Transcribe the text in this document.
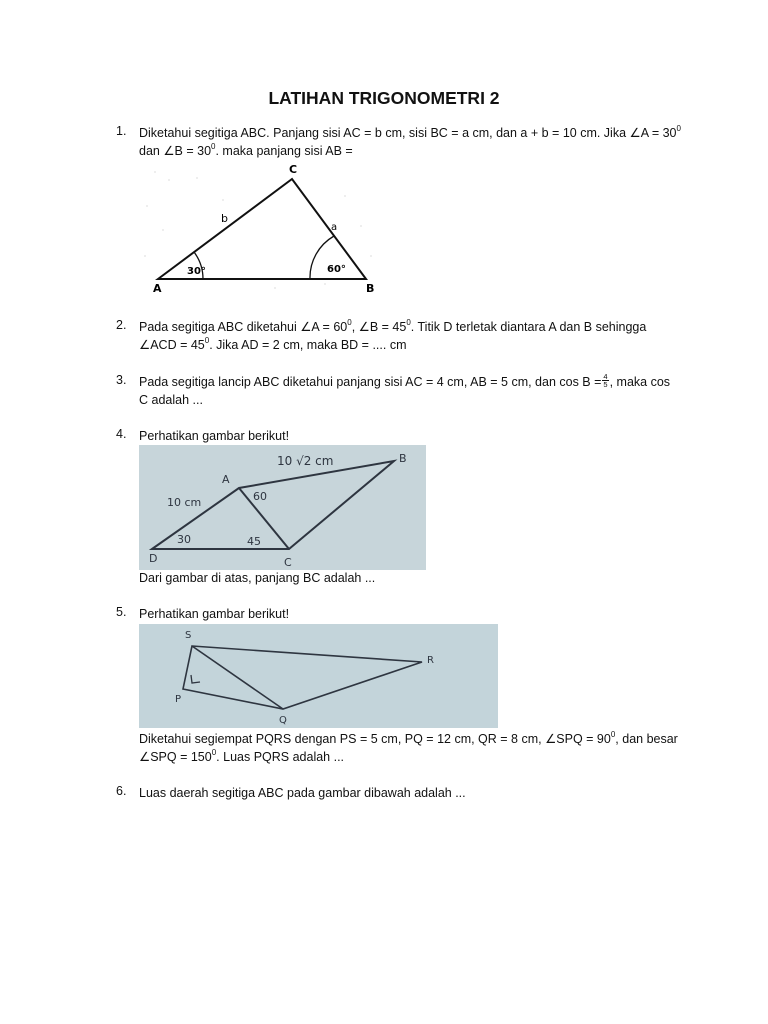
LATIHAN TRIGONOMETRI 2
1. Diketahui segitiga ABC. Panjang sisi AC = b cm, sisi BC = a cm, dan a + b = 10 cm. Jika ∠A = $30^0$
dan ∠B = $30^0$. maka panjang sisi AB =
C
b
a
30°	60°
A	B
2. Pada segitiga ABC diketahui ∠A = $60^0$, ∠B = $45^0$. Titik D terletak diantara A dan B sehingga
∠ACD = $45^0$. Jika AD = 2 cm, maka BD = .... cm
3. Pada segitiga lancip ABC diketahui panjang sisi AC = 4 cm, AB = 5 cm, dan $\cos B = \frac{4}{5}$ , maka cos
C adalah ...
4. Perhatikan gambar berikut!
10 √2 cm	B
A
10 cm	60
30	45
D	C
Dari gambar di atas, panjang BC adalah ...
5. Perhatikan gambar berikut!
S
R
P
Q
Diketahui segiempat PQRS dengan PS = 5 cm, PQ = 12 cm, QR = 8 cm, ∠SPQ = $90^0$, dan besar
∠SPQ = $150^0$. Luas PQRS adalah ...
6. Luas daerah segitiga ABC pada gambar dibawah adalah ...
